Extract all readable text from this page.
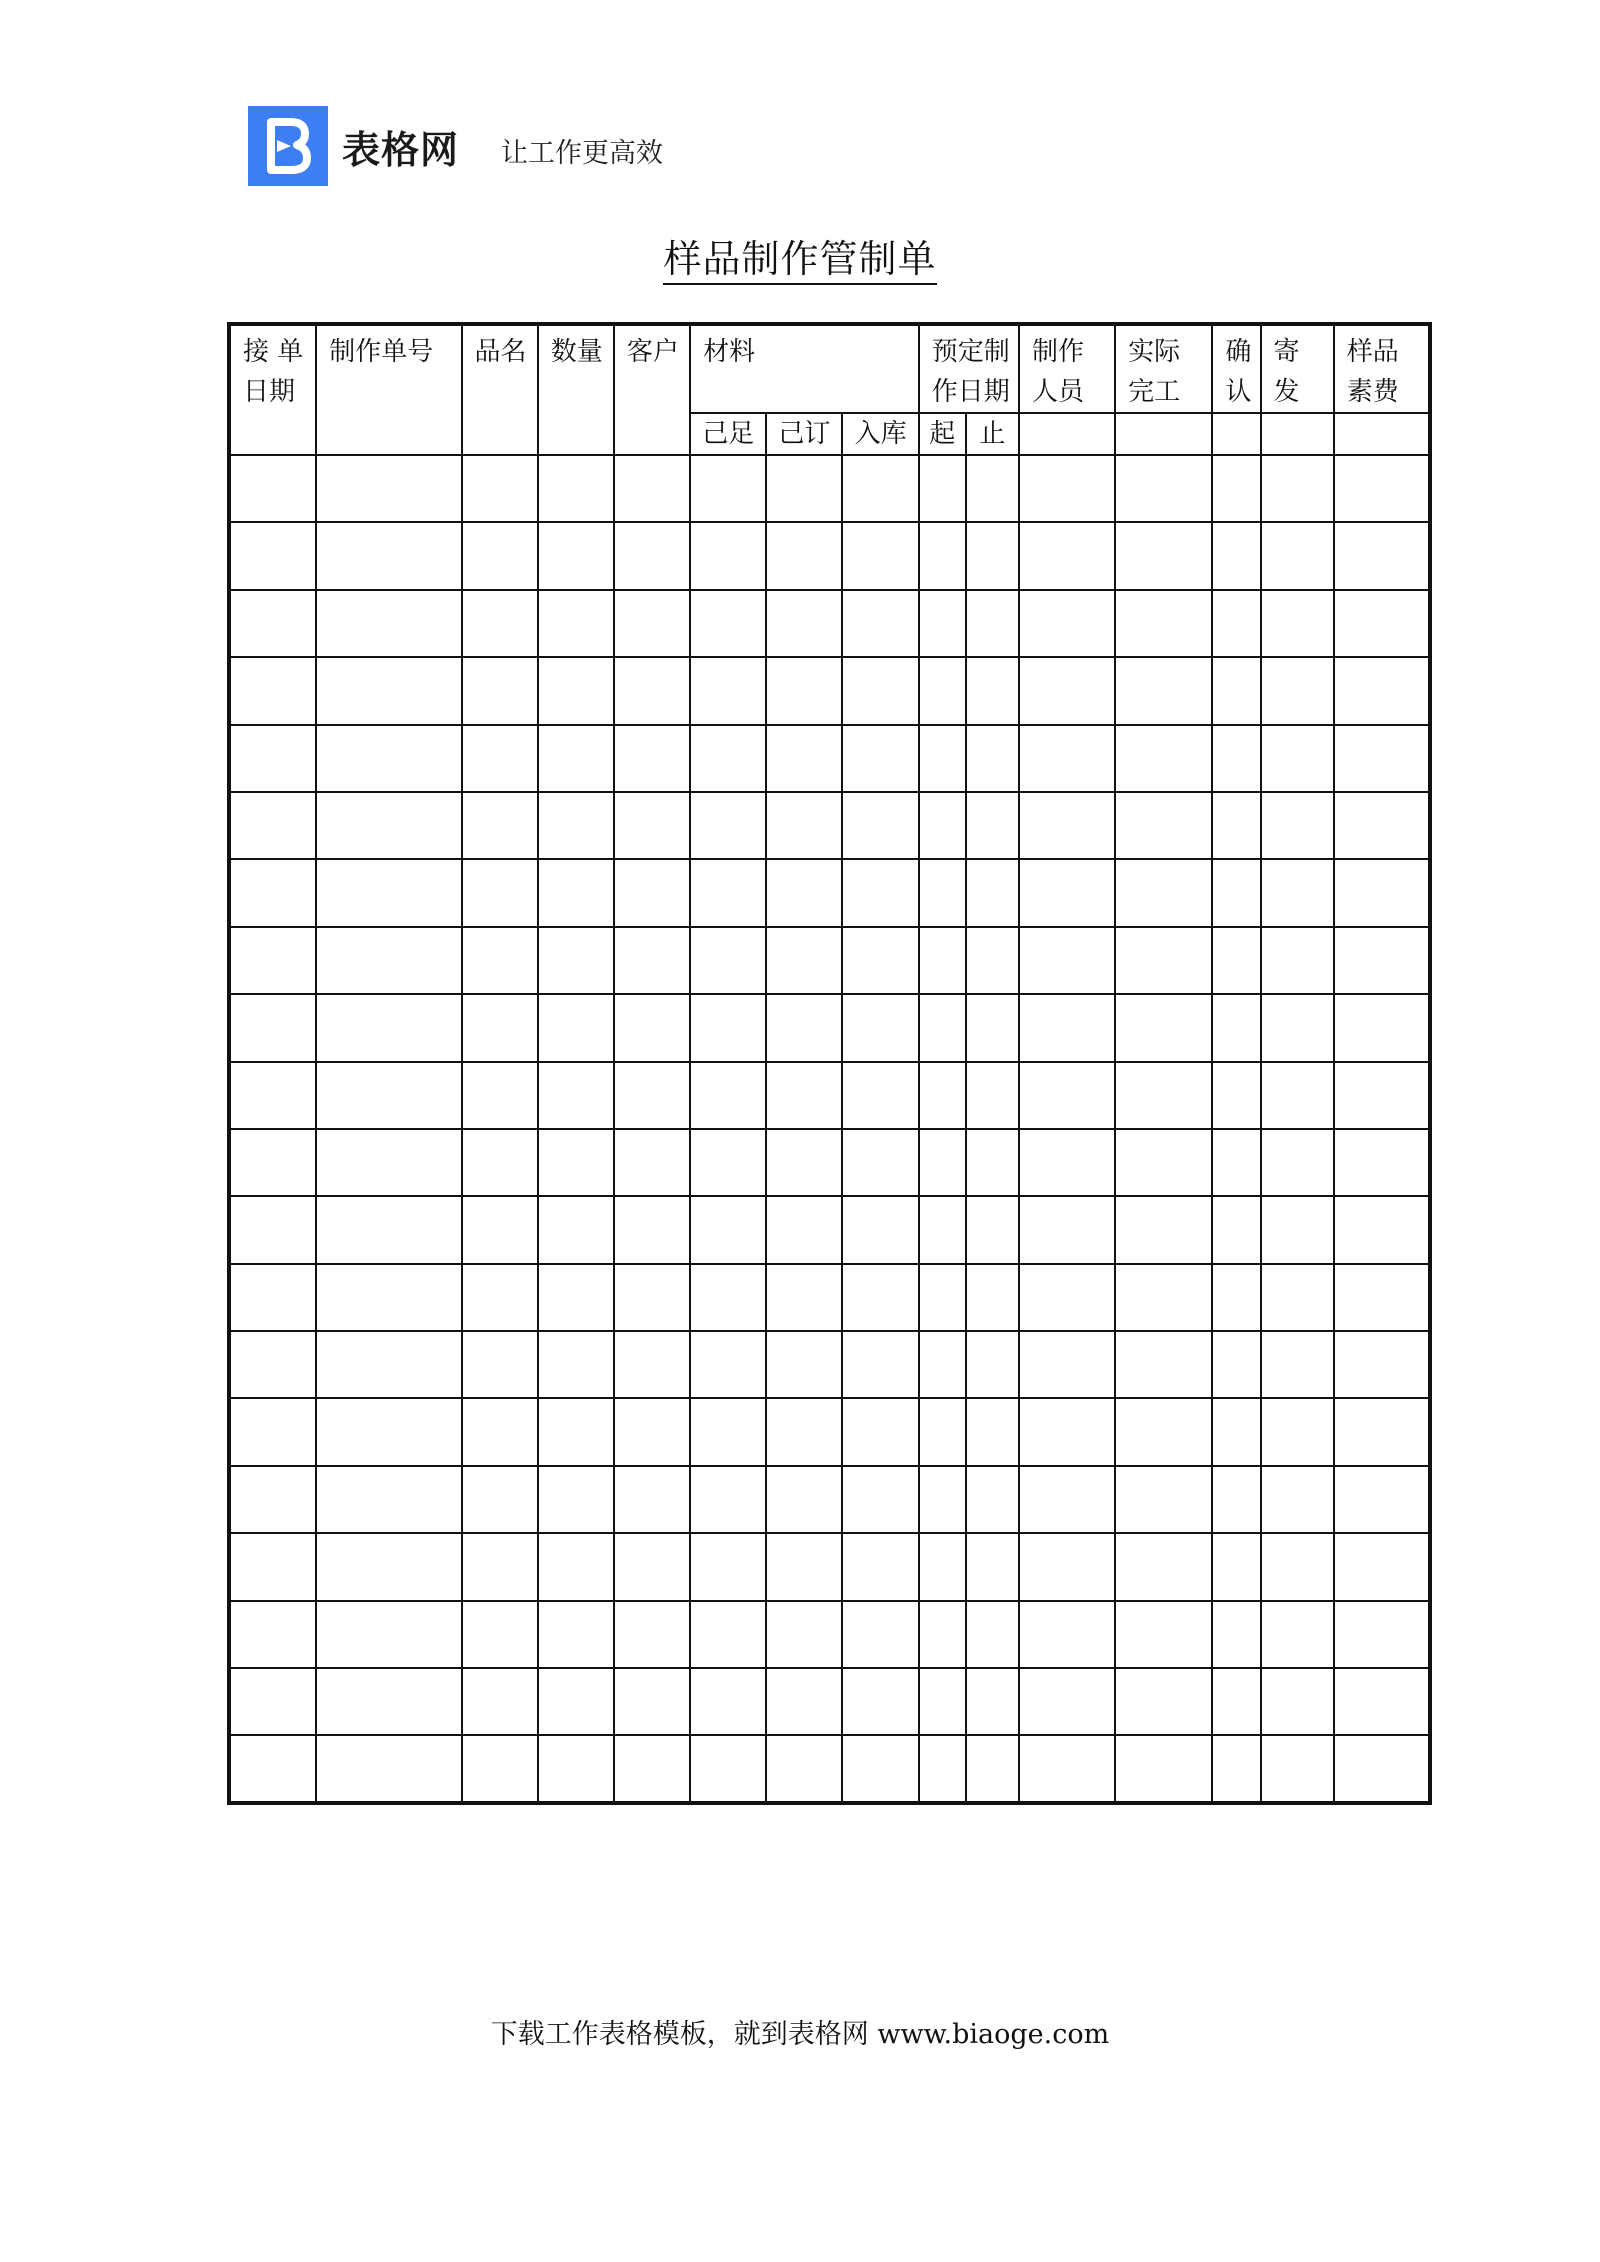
表格网 让工作更高效
样品制作管制单
接 单 日期	制作单号	品名	数量	客户	材料			预定制作日期		制作人员	实际完工	确 认	寄 发	样品素费
					己足	己订	入库	起	止					

下载工作表格模板，就到表格网 www.biaoge.com
